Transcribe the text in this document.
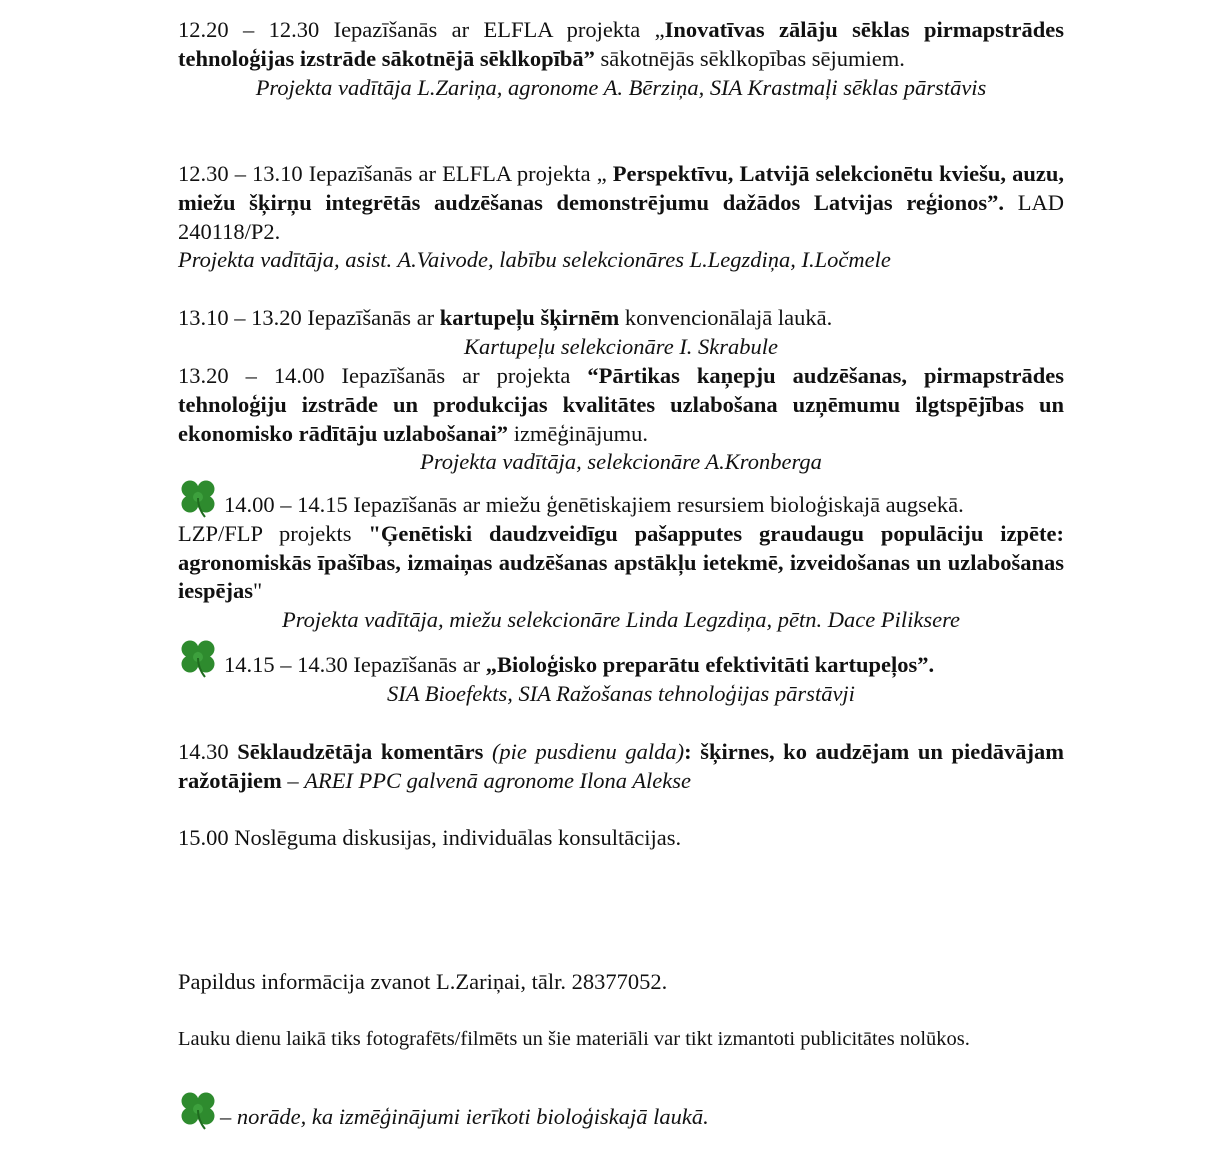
12.20 – 12.30 Iepazīšanās ar ELFLA projekta „Inovatīvas zālāju sēklas pirmapstrādes tehnoloģijas izstrāde sākotnējā sēklkopībā” sākotnējās sēklkopības sējumiem.

Projekta vadītāja L.Zariņa, agronome A. Bērziņa, SIA Krastmaļi sēklas pārstāvis

12.30 – 13.10 Iepazīšanās ar ELFLA projekta „ Perspektīvu, Latvijā selekcionētu kviešu, auzu, miežu šķirņu integrētās audzēšanas demonstrējumu dažādos Latvijas reģionos”. LAD 240118/P2.

Projekta vadītāja, asist. A.Vaivode, labību selekcionāres L.Legzdiņa, I.Ločmele

13.10 – 13.20 Iepazīšanās ar kartupeļu šķirnēm konvencionālajā laukā.

Kartupeļu selekcionāre I. Skrabule

13.20 – 14.00 Iepazīšanās ar projekta “Pārtikas kaņepju audzēšanas, pirmapstrādes tehnoloģiju izstrāde un produkcijas kvalitātes uzlabošana uzņēmumu ilgtspējības un ekonomisko rādītāju uzlabošanai” izmēģinājumu.

Projekta vadītāja, selekcionāre A.Kronberga

14.00 – 14.15 Iepazīšanās ar miežu ģenētiskajiem resursiem bioloģiskajā augsekā.

LZP/FLP projekts "Ģenētiski daudzveidīgu pašapputes graudaugu populāciju izpēte: agronomiskās īpašības, izmaiņas audzēšanas apstākļu ietekmē, izveidošanas un uzlabošanas iespējas"

Projekta vadītāja, miežu selekcionāre Linda Legzdiņa, pētn. Dace Piliksere

14.15 – 14.30 Iepazīšanās ar „Bioloģisko preparātu efektivitāti kartupeļos”.

SIA Bioefekts, SIA Ražošanas tehnoloģijas pārstāvji

14.30 Sēklaudzētāja komentārs (pie pusdienu galda): šķirnes, ko audzējam un piedāvājam ražotājiem – AREI PPC galvenā agronome Ilona Alekse

15.00 Noslēguma diskusijas, individuālas konsultācijas.

Papildus informācija zvanot L.Zariņai, tālr. 28377052.

Lauku dienu laikā tiks fotografēts/filmēts un šie materiāli var tikt izmantoti publicitātes nolūkos.

– norāde, ka izmēģinājumi ierīkoti bioloģiskajā laukā.
